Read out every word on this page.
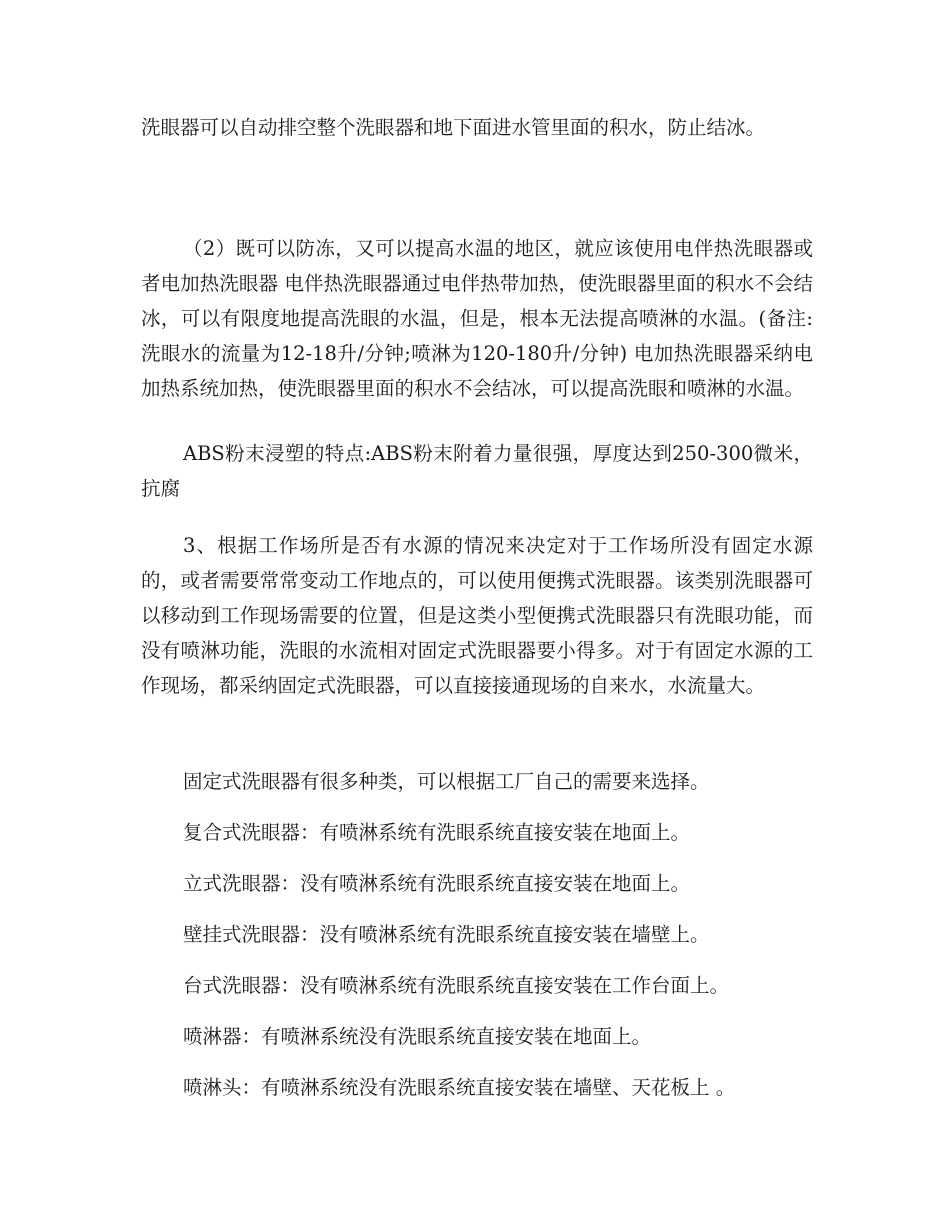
洗眼器可以自动排空整个洗眼器和地下面进水管里面的积水，防止结冰。

（2）既可以防冻，又可以提高水温的地区，就应该使用电伴热洗眼器或者电加热洗眼器 电伴热洗眼器通过电伴热带加热，使洗眼器里面的积水不会结冰，可以有限度地提高洗眼的水温，但是，根本无法提高喷淋的水温。(备注:洗眼水的流量为12-18升/分钟;喷淋为120-180升/分钟) 电加热洗眼器采纳电加热系统加热，使洗眼器里面的积水不会结冰，可以提高洗眼和喷淋的水温。

ABS粉末浸塑的特点:ABS粉末附着力量很强，厚度达到250-300微米，抗腐

3、根据工作场所是否有水源的情况来决定对于工作场所没有固定水源的，或者需要常常变动工作地点的，可以使用便携式洗眼器。该类别洗眼器可以移动到工作现场需要的位置，但是这类小型便携式洗眼器只有洗眼功能，而没有喷淋功能，洗眼的水流相对固定式洗眼器要小得多。对于有固定水源的工作现场，都采纳固定式洗眼器，可以直接接通现场的自来水，水流量大。

固定式洗眼器有很多种类，可以根据工厂自己的需要来选择。

复合式洗眼器：有喷淋系统有洗眼系统直接安装在地面上。

立式洗眼器：没有喷淋系统有洗眼系统直接安装在地面上。

壁挂式洗眼器：没有喷淋系统有洗眼系统直接安装在墙壁上。

台式洗眼器：没有喷淋系统有洗眼系统直接安装在工作台面上。

喷淋器：有喷淋系统没有洗眼系统直接安装在地面上。

喷淋头：有喷淋系统没有洗眼系统直接安装在墙壁、天花板上 。
